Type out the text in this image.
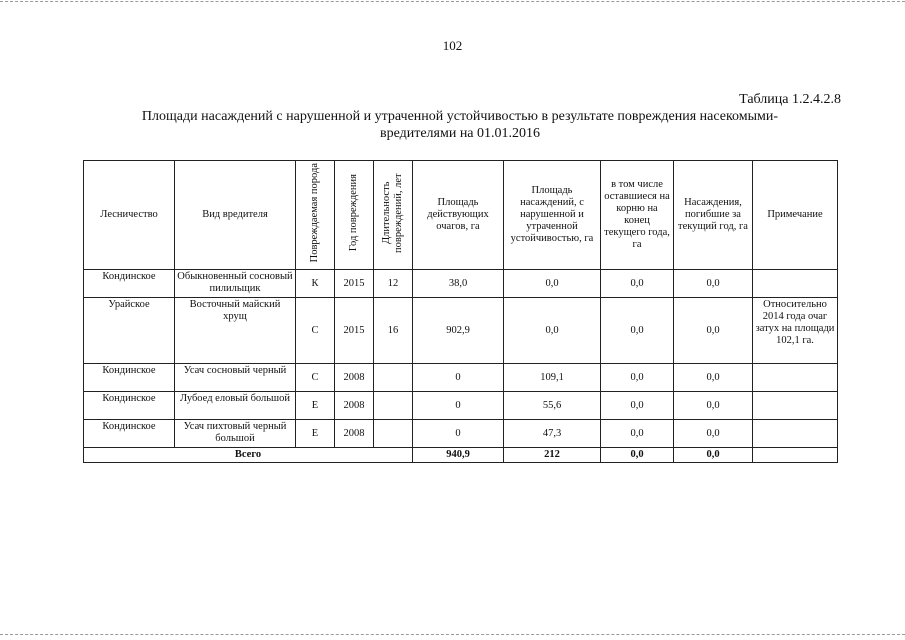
102
Таблица 1.2.4.2.8
Площади насаждений с нарушенной и утраченной устойчивостью в результате повреждения насекомыми-
вредителями на 01.01.2016
Лесничество	Вид вредителя	Повреждаемая порода	Год повреждения	Длительность повреждений, лет	Площадь действующих очагов, га	Площадь насаждений, с нарушенной и утраченной устойчивостью, га	в том числе оставшиеся на корню на конец текущего года, га	Насаждения, погибшие за текущий год, га	Примечание
Кондинское	Обыкновенный сосновый пилильщик	К	2015	12	38,0	0,0	0,0	0,0	
Урайское	Восточный майский хрущ	С	2015	16	902,9	0,0	0,0	0,0	Относительно 2014 года очаг затух на площади 102,1 га.
Кондинское	Усач сосновый черный	С	2008		0	109,1	0,0	0,0	
Кондинское	Лубоед еловый большой	Е	2008		0	55,6	0,0	0,0	
Кондинское	Усач пихтовый черный большой	Е	2008		0	47,3	0,0	0,0	
Всего					940,9	212	0,0	0,0	
